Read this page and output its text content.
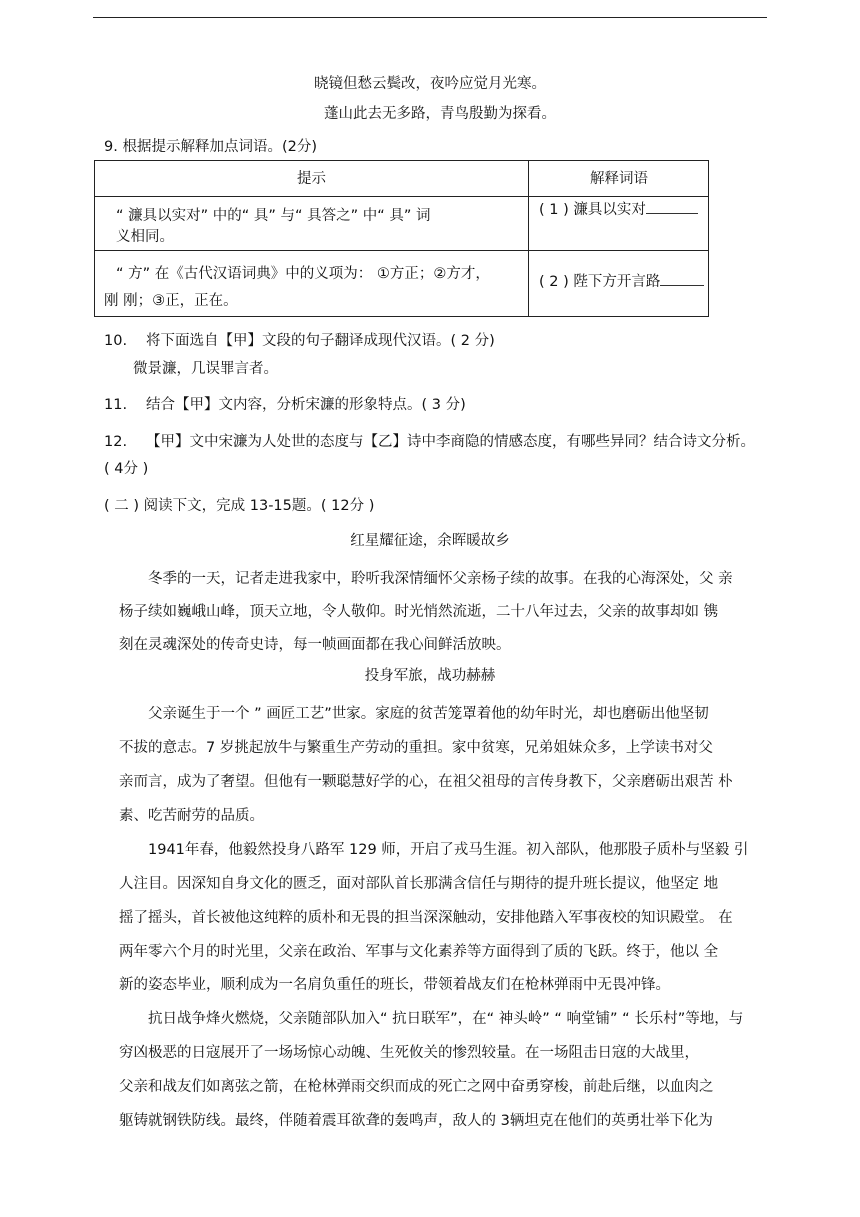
晓镜但愁云鬓改，夜吟应觉月光寒。
蓬山此去无多路，青鸟殷勤为探看。
9. 根据提示解释加点词语。(2分)
提示	解释词语
“ 濂具以实对” 中的“ 具” 与“ 具答之” 中“ 具” 词
义相同。
( 1 ) 濂具以实对
“ 方” 在《古代汉语词典》中的义项为： ①方正；②方才，
刚 刚；③正，正在。
( 2 ) 陛下方开言路
10. 将下面选自【甲】文段的句子翻译成现代汉语。( 2 分)
微景濂，几误罪言者。
11. 结合【甲】文内容，分析宋濂的形象特点。( 3 分)
12. 【甲】文中宋濂为人处世的态度与【乙】诗中李商隐的情感态度，有哪些异同？结合诗文分析。
( 4分 )
( 二 ) 阅读下文，完成 13-15题。( 12分 )
红星耀征途，余晖暖故乡
冬季的一天，记者走进我家中，聆听我深情缅怀父亲杨子续的故事。在我的心海深处，父 亲
杨子续如巍峨山峰，顶天立地，令人敬仰。时光悄然流逝，二十八年过去，父亲的故事却如 镌
刻在灵魂深处的传奇史诗，每一帧画面都在我心间鲜活放映。
投身军旅，战功赫赫
父亲诞生于一个 ” 画匠工艺”世家。家庭的贫苦笼罩着他的幼年时光，却也磨砺出他坚韧
不拔的意志。7 岁挑起放牛与繁重生产劳动的重担。家中贫寒，兄弟姐妹众多，上学读书对父
亲而言，成为了奢望。但他有一颗聪慧好学的心，在祖父祖母的言传身教下，父亲磨砺出艰苦 朴
素、吃苦耐劳的品质。
1941年春，他毅然投身八路军 129 师，开启了戎马生涯。初入部队，他那股子质朴与坚毅 引
人注目。因深知自身文化的匮乏，面对部队首长那满含信任与期待的提升班长提议，他坚定 地
摇了摇头，首长被他这纯粹的质朴和无畏的担当深深触动，安排他踏入军事夜校的知识殿堂。 在
两年零六个月的时光里，父亲在政治、军事与文化素养等方面得到了质的飞跃。终于，他以 全
新的姿态毕业，顺利成为一名肩负重任的班长，带领着战友们在枪林弹雨中无畏冲锋。
抗日战争烽火燃烧，父亲随部队加入“ 抗日联军”，在“ 神头岭” “ 响堂铺” “ 长乐村”等地，与
穷凶极恶的日寇展开了一场场惊心动魄、生死攸关的惨烈较量。在一场阻击日寇的大战里，
父亲和战友们如离弦之箭，在枪林弹雨交织而成的死亡之网中奋勇穿梭，前赴后继，以血肉之
躯铸就钢铁防线。最终，伴随着震耳欲聋的轰鸣声，敌人的 3辆坦克在他们的英勇壮举下化为
